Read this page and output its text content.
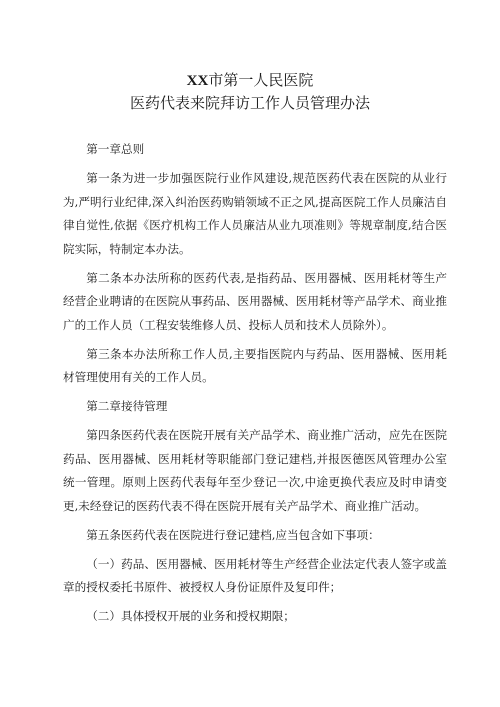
XX市第一人民医院
医药代表来院拜访工作人员管理办法

第一章总则

第一条为进一步加强医院行业作风建设,规范医药代表在医院的从业行为,严明行业纪律,深入纠治医药购销领域不正之风,提高医院工作人员廉洁自律自觉性,依据《医疗机构工作人员廉洁从业九项准则》等规章制度,结合医院实际，特制定本办法。

第二条本办法所称的医药代表,是指药品、医用器械、医用耗材等生产经营企业聘请的在医院从事药品、医用器械、医用耗材等产品学术、商业推广的工作人员（工程安装维修人员、投标人员和技术人员除外）。

第三条本办法所称工作人员,主要指医院内与药品、医用器械、医用耗材管理使用有关的工作人员。

第二章接待管理

第四条医药代表在医院开展有关产品学术、商业推广活动，应先在医院药品、医用器械、医用耗材等职能部门登记建档,并报医德医风管理办公室统一管理。原则上医药代表每年至少登记一次,中途更换代表应及时申请变更,未经登记的医药代表不得在医院开展有关产品学术、商业推广活动。

第五条医药代表在医院进行登记建档,应当包含如下事项：

（一）药品、医用器械、医用耗材等生产经营企业法定代表人签字或盖章的授权委托书原件、被授权人身份证原件及复印件；

（二）具体授权开展的业务和授权期限；
